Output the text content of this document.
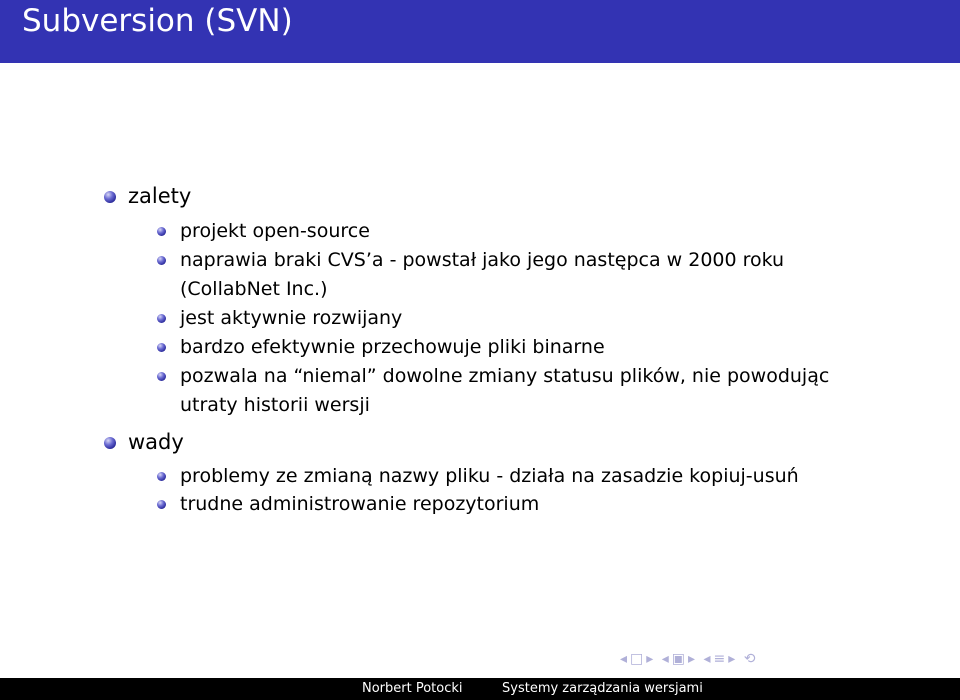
Subversion (SVN)
zalety
projekt open-source
naprawia braki CVS’a - powstał jako jego następca w 2000 roku
(CollabNet Inc.)
jest aktywnie rozwijany
bardzo efektywnie przechowuje pliki binarne
pozwala na “niemal” dowolne zmiany statusu plików, nie powodując
utraty historii wersji
wady
problemy ze zmianą nazwy pliku - działa na zasadzie kopiuj-usuń
trudne administrowanie repozytorium
◂ □ ▸ ◂ ▣ ▸ ◂ ≡ ▸ ⟲
Norbert Potocki	Systemy zarządzania wersjami
